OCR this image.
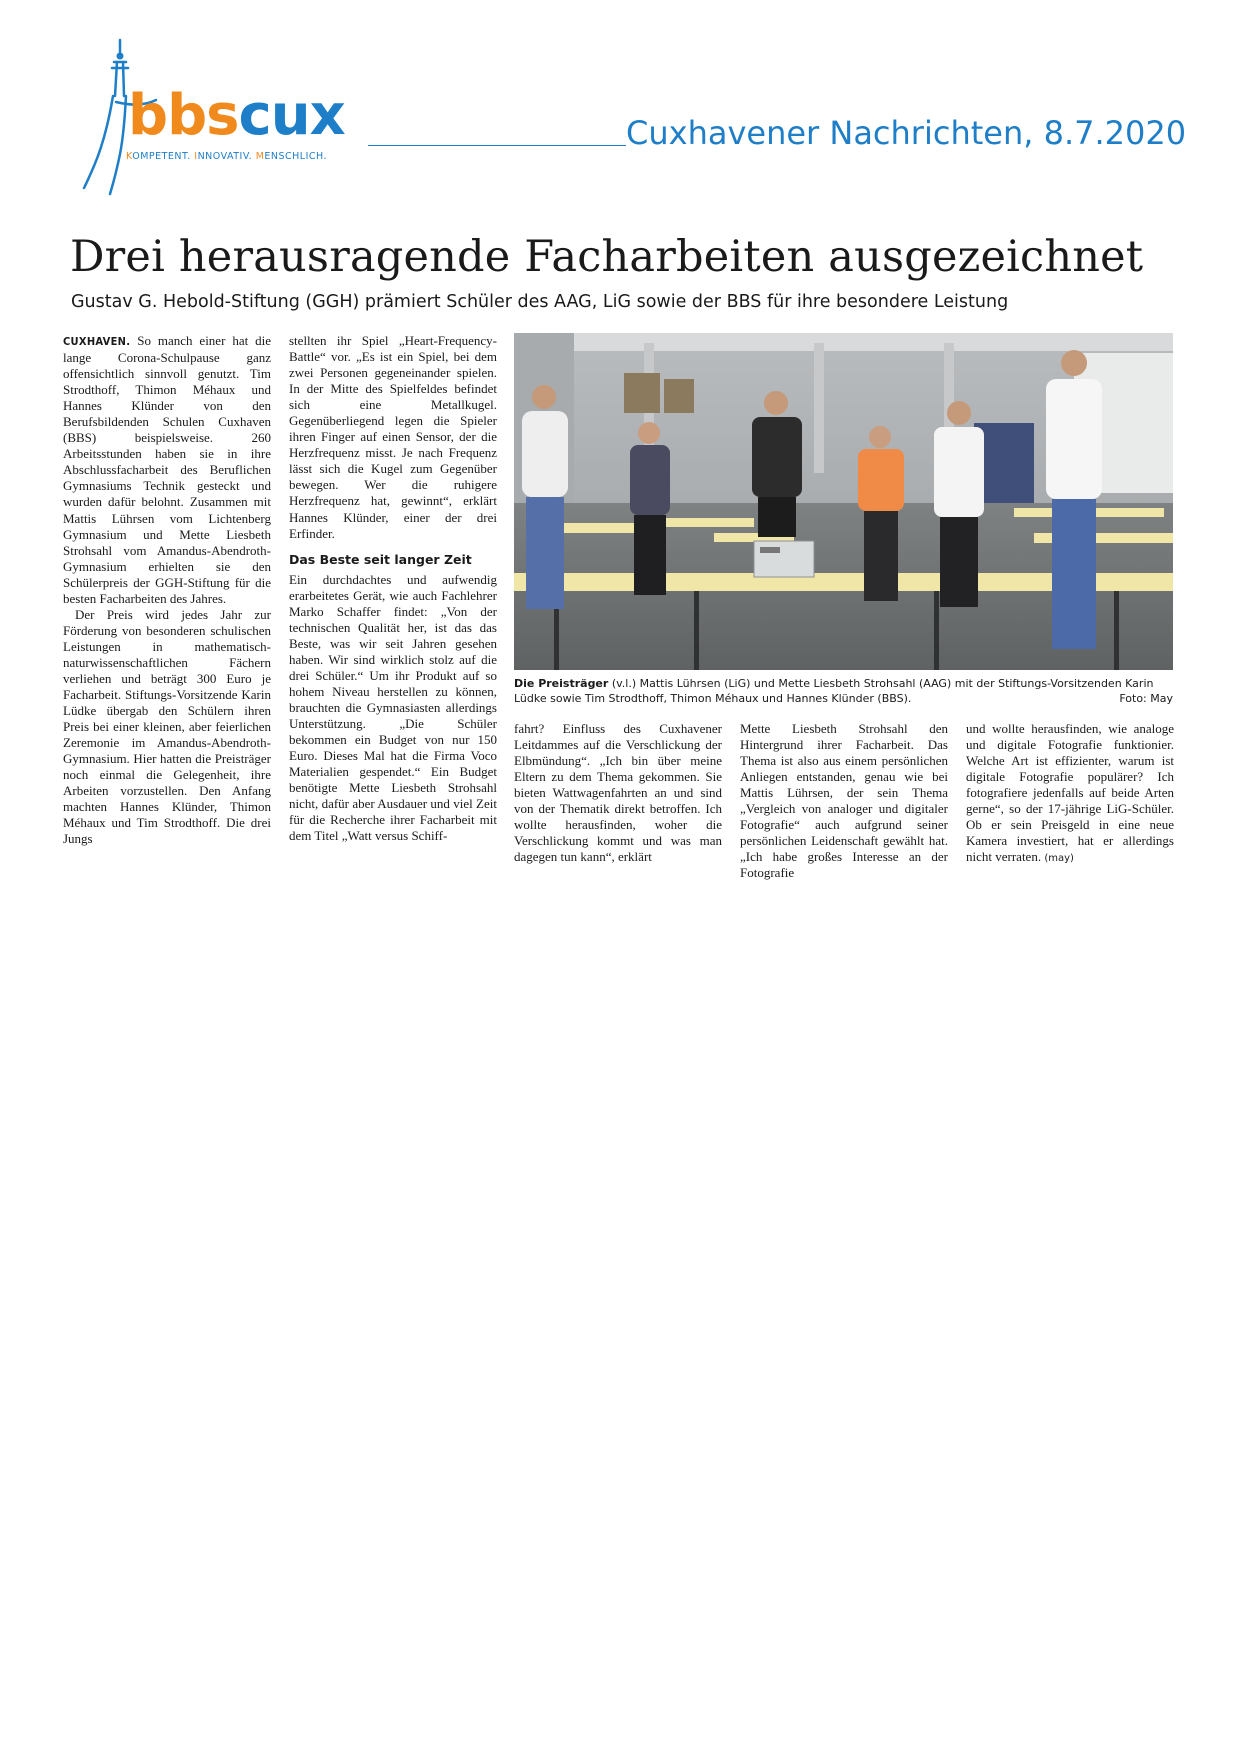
bbscux
KOMPETENT. INNOVATIV. MENSCHLICH.
Cuxhavener Nachrichten, 8.7.2020
Drei herausragende Facharbeiten ausgezeichnet
Gustav G. Hebold-Stiftung (GGH) prämiert Schüler des AAG, LiG sowie der BBS für ihre besondere Leistung

CUXHAVEN. So manch einer hat die lange Corona-Schulpause ganz offensichtlich sinnvoll genutzt. Tim Strodthoff, Thimon Méhaux und Hannes Klünder von den Berufsbildenden Schulen Cuxhaven (BBS) beispielsweise. 260 Arbeitsstunden haben sie in ihre Abschlussfacharbeit des Beruflichen Gymnasiums Technik gesteckt und wurden dafür belohnt. Zusammen mit Mattis Lührsen vom Lichtenberg Gymnasium und Mette Liesbeth Strohsahl vom Amandus-Abendroth-Gymnasium erhielten sie den Schülerpreis der GGH-Stiftung für die besten Facharbeiten des Jahres.

Der Preis wird jedes Jahr zur Förderung von besonderen schulischen Leistungen in mathematisch-naturwissenschaftlichen Fächern verliehen und beträgt 300 Euro je Facharbeit. Stiftungs-Vorsitzende Karin Lüdke übergab den Schülern ihren Preis bei einer kleinen, aber feierlichen Zeremonie im Amandus-Abendroth-Gymnasium. Hier hatten die Preisträger noch einmal die Gelegenheit, ihre Arbeiten vorzustellen. Den Anfang machten Hannes Klünder, Thimon Méhaux und Tim Strodthoff. Die drei Jungs

stellten ihr Spiel „Heart-Frequency-Battle“ vor. „Es ist ein Spiel, bei dem zwei Personen gegeneinander spielen. In der Mitte des Spielfeldes befindet sich eine Metallkugel. Gegenüberliegend legen die Spieler ihren Finger auf einen Sensor, der die Herzfrequenz misst. Je nach Frequenz lässt sich die Kugel zum Gegenüber bewegen. Wer die ruhigere Herzfrequenz hat, gewinnt“, erklärt Hannes Klünder, einer der drei Erfinder.

Das Beste seit langer Zeit

Ein durchdachtes und aufwendig erarbeitetes Gerät, wie auch Fachlehrer Marko Schaffer findet: „Von der technischen Qualität her, ist das das Beste, was wir seit Jahren gesehen haben. Wir sind wirklich stolz auf die drei Schüler.“ Um ihr Produkt auf so hohem Niveau herstellen zu können, brauchten die Gymnasiasten allerdings Unterstützung. „Die Schüler bekommen ein Budget von nur 150 Euro. Dieses Mal hat die Firma Voco Materialien gespendet.“ Ein Budget benötigte Mette Liesbeth Strohsahl nicht, dafür aber Ausdauer und viel Zeit für die Recherche ihrer Facharbeit mit dem Titel „Watt versus Schiff-

Die Preisträger (v.l.) Mattis Lührsen (LiG) und Mette Liesbeth Strohsahl (AAG) mit der Stiftungs-Vorsitzenden Karin Lüdke sowie Tim Strodthoff, Thimon Méhaux und Hannes Klünder (BBS).	Foto: May

fahrt? Einfluss des Cuxhavener Leitdammes auf die Verschlickung der Elbmündung“. „Ich bin über meine Eltern zu dem Thema gekommen. Sie bieten Wattwagenfahrten an und sind von der Thematik direkt betroffen. Ich wollte herausfinden, woher die Verschlickung kommt und was man dagegen tun kann“, erklärt

Mette Liesbeth Strohsahl den Hintergrund ihrer Facharbeit. Das Thema ist also aus einem persönlichen Anliegen entstanden, genau wie bei Mattis Lührsen, der sein Thema „Vergleich von analoger und digitaler Fotografie“ auch aufgrund seiner persönlichen Leidenschaft gewählt hat. „Ich habe großes Interesse an der Fotografie

und wollte herausfinden, wie analoge und digitale Fotografie funktionier. Welche Art ist effizienter, warum ist digitale Fotografie populärer? Ich fotografiere jedenfalls auf beide Arten gerne“, so der 17-jährige LiG-Schüler. Ob er sein Preisgeld in eine neue Kamera investiert, hat er allerdings nicht verraten. (may)
